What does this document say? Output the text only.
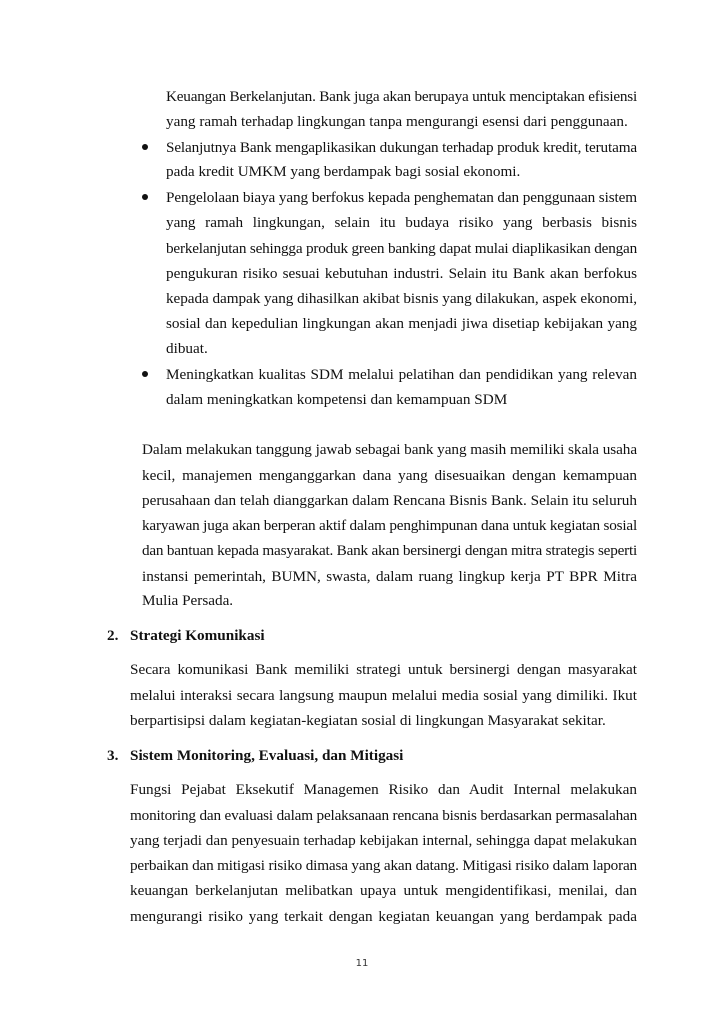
Keuangan Berkelanjutan. Bank juga akan berupaya untuk menciptakan efisiensi
yang ramah terhadap lingkungan tanpa mengurangi esensi dari penggunaan.
Selanjutnya Bank mengaplikasikan dukungan terhadap produk kredit, terutama
pada kredit UMKM yang berdampak bagi sosial ekonomi.
Pengelolaan biaya yang berfokus kepada penghematan dan penggunaan sistem
yang ramah lingkungan, selain itu budaya risiko yang berbasis bisnis
berkelanjutan sehingga produk green banking dapat mulai diaplikasikan dengan
pengukuran risiko sesuai kebutuhan industri. Selain itu Bank akan berfokus
kepada dampak yang dihasilkan akibat bisnis yang dilakukan, aspek ekonomi,
sosial dan kepedulian lingkungan akan menjadi jiwa disetiap kebijakan yang
dibuat.
Meningkatkan kualitas SDM melalui pelatihan dan pendidikan yang relevan
dalam meningkatkan kompetensi dan kemampuan SDM
Dalam melakukan tanggung jawab sebagai bank yang masih memiliki skala usaha
kecil, manajemen menganggarkan dana yang disesuaikan dengan kemampuan
perusahaan dan telah dianggarkan dalam Rencana Bisnis Bank. Selain itu seluruh
karyawan juga akan berperan aktif dalam penghimpunan dana untuk kegiatan sosial
dan bantuan kepada masyarakat. Bank akan bersinergi dengan mitra strategis seperti
instansi pemerintah, BUMN, swasta, dalam ruang lingkup kerja PT BPR Mitra
Mulia Persada.
2. Strategi Komunikasi
Secara komunikasi Bank memiliki strategi untuk bersinergi dengan masyarakat
melalui interaksi secara langsung maupun melalui media sosial yang dimiliki. Ikut
berpartisipsi dalam kegiatan-kegiatan sosial di lingkungan Masyarakat sekitar.
3. Sistem Monitoring, Evaluasi, dan Mitigasi
Fungsi Pejabat Eksekutif Managemen Risiko dan Audit Internal melakukan
monitoring dan evaluasi dalam pelaksanaan rencana bisnis berdasarkan permasalahan
yang terjadi dan penyesuain terhadap kebijakan internal, sehingga dapat melakukan
perbaikan dan mitigasi risiko dimasa yang akan datang. Mitigasi risiko dalam laporan
keuangan berkelanjutan melibatkan upaya untuk mengidentifikasi, menilai, dan
mengurangi risiko yang terkait dengan kegiatan keuangan yang berdampak pada
11
